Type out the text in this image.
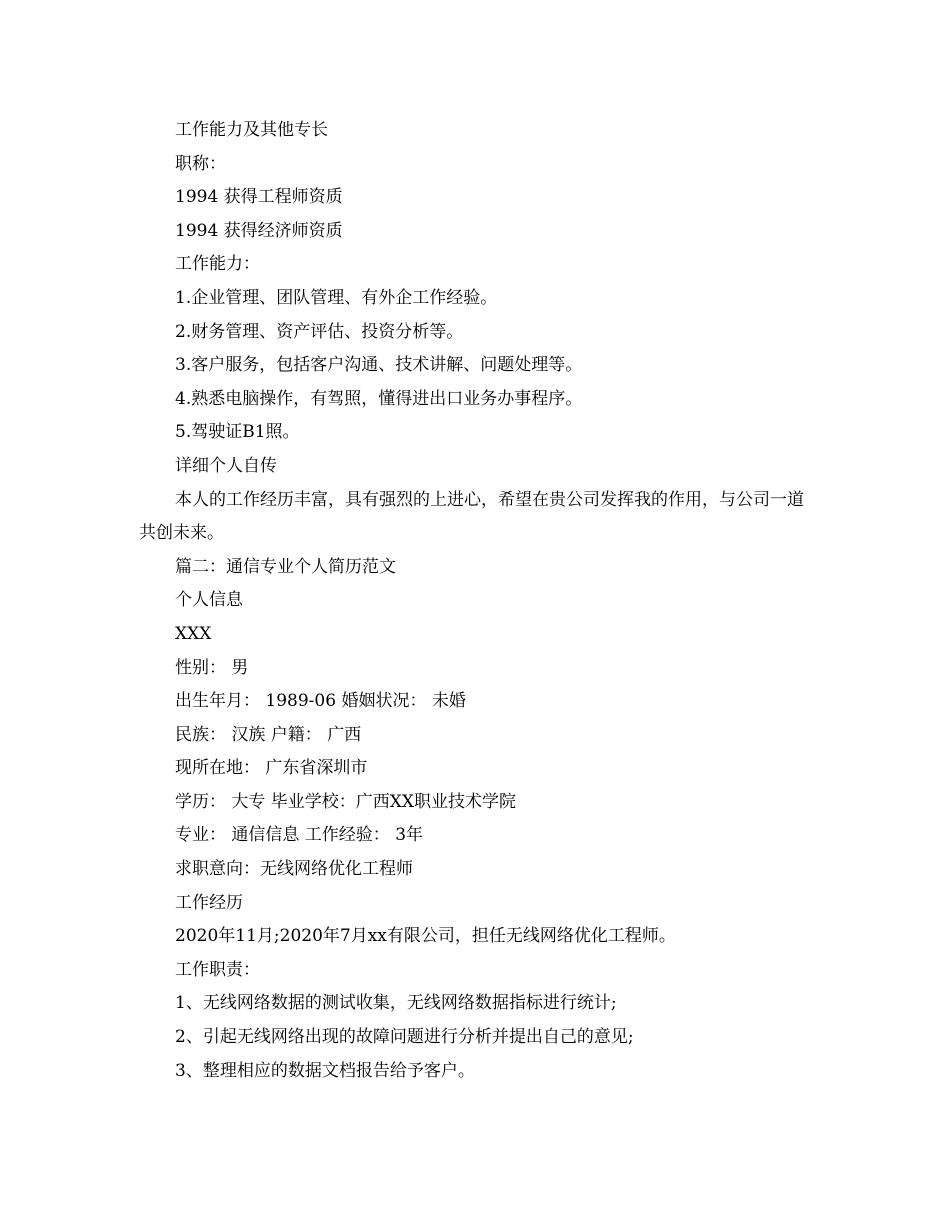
工作能力及其他专长
职称：
1994 获得工程师资质
1994 获得经济师资质
工作能力：
1.企业管理、团队管理、有外企工作经验。
2.财务管理、资产评估、投资分析等。
3.客户服务，包括客户沟通、技术讲解、问题处理等。
4.熟悉电脑操作，有驾照，懂得进出口业务办事程序。
5.驾驶证B1照。
详细个人自传

本人的工作经历丰富，具有强烈的上进心，希望在贵公司发挥我的作用，与公司一道共创未来。

篇二：通信专业个人简历范文
个人信息
XXX
性别： 男
出生年月： 1989-06 婚姻状况： 未婚
民族： 汉族 户籍： 广西
现所在地： 广东省深圳市
学历： 大专 毕业学校：广西XX职业技术学院
专业： 通信信息 工作经验： 3年
求职意向：无线网络优化工程师
工作经历
2020年11月;2020年7月xx有限公司，担任无线网络优化工程师。
工作职责：
1、无线网络数据的测试收集，无线网络数据指标进行统计;
2、引起无线网络出现的故障问题进行分析并提出自己的意见;
3、整理相应的数据文档报告给予客户。
